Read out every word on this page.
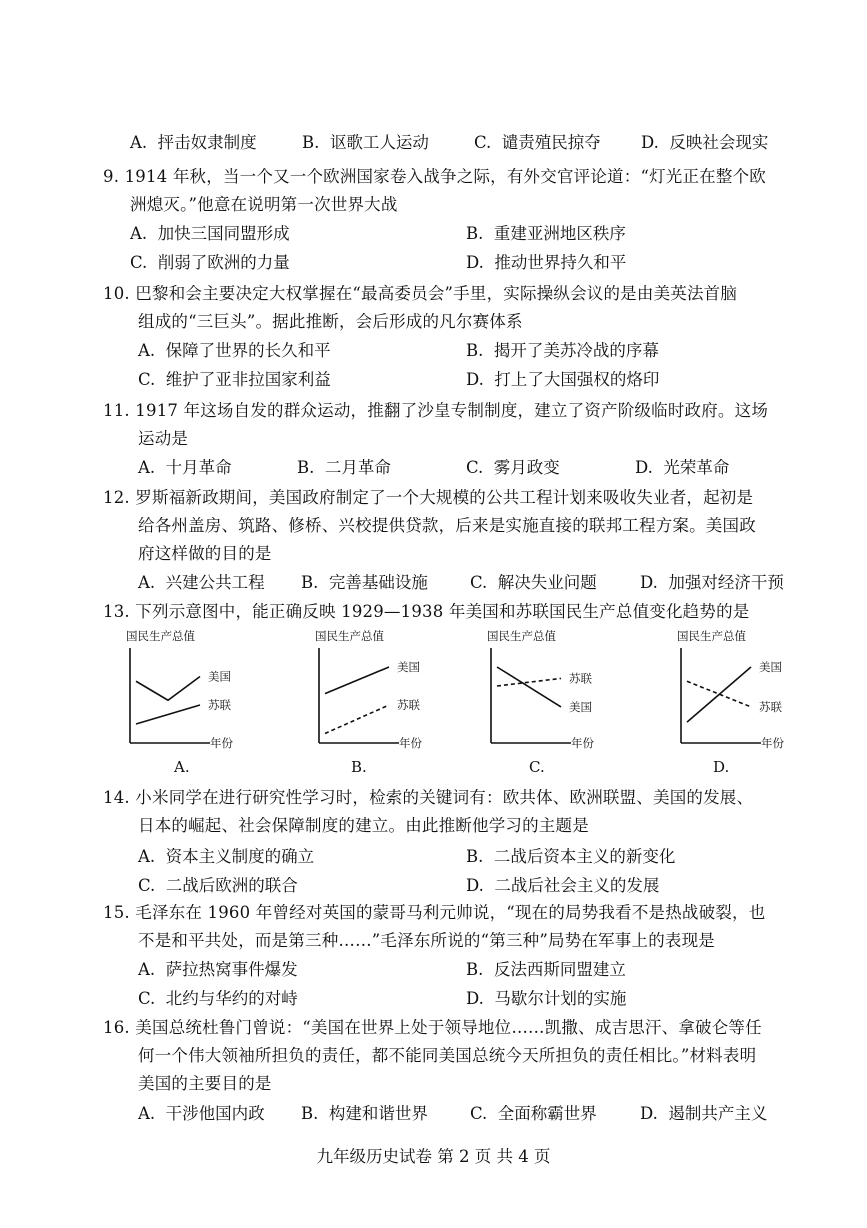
A. 抨击奴隶制度	B. 讴歌工人运动	C. 谴责殖民掠夺 D. 反映社会现实
9. 1914 年秋，当一个又一个欧洲国家卷入战争之际，有外交官评论道：“灯光正在整个欧
洲熄灭。”他意在说明第一次世界大战
A. 加快三国同盟形成	B. 重建亚洲地区秩序
C. 削弱了欧洲的力量	D. 推动世界持久和平
10. 巴黎和会主要决定大权掌握在“最高委员会”手里，实际操纵会议的是由美英法首脑
组成的“三巨头”。据此推断，会后形成的凡尔赛体系
A. 保障了世界的长久和平	B. 揭开了美苏冷战的序幕
C. 维护了亚非拉国家利益	D. 打上了大国强权的烙印
11. 1917 年这场自发的群众运动，推翻了沙皇专制制度，建立了资产阶级临时政府。这场
运动是
A. 十月革命	B. 二月革命	C. 雾月政变	D. 光荣革命
12. 罗斯福新政期间，美国政府制定了一个大规模的公共工程计划来吸收失业者，起初是
给各州盖房、筑路、修桥、兴校提供贷款，后来是实施直接的联邦工程方案。美国政
府这样做的目的是
A. 兴建公共工程 B. 完善基础设施	C. 解决失业问题	D. 加强对经济干预
13. 下列示意图中，能正确反映 1929—1938 年美国和苏联国民生产总值变化趋势的是
国民生产总值
年份
美国
苏联
A.
国民生产总值
年份
美国
苏联
B.
国民生产总值
年份
苏联
美国
C.
国民生产总值
年份
美国
苏联
D.
14. 小米同学在进行研究性学习时，检索的关键词有：欧共体、欧洲联盟、美国的发展、
日本的崛起、社会保障制度的建立。由此推断他学习的主题是
A. 资本主义制度的确立	B. 二战后资本主义的新变化
C. 二战后欧洲的联合	D. 二战后社会主义的发展
15. 毛泽东在 1960 年曾经对英国的蒙哥马利元帅说，“现在的局势我看不是热战破裂，也
不是和平共处，而是第三种……”毛泽东所说的“第三种”局势在军事上的表现是
A. 萨拉热窝事件爆发	B. 反法西斯同盟建立
C. 北约与华约的对峙	D. 马歇尔计划的实施
16. 美国总统杜鲁门曾说：“美国在世界上处于领导地位……凯撒、成吉思汗、拿破仑等任
何一个伟大领袖所担负的责任，都不能同美国总统今天所担负的责任相比。”材料表明
美国的主要目的是
A. 干涉他国内政 B. 构建和谐世界	C. 全面称霸世界	D. 遏制共产主义
九年级历史试卷 第 2 页 共 4 页
